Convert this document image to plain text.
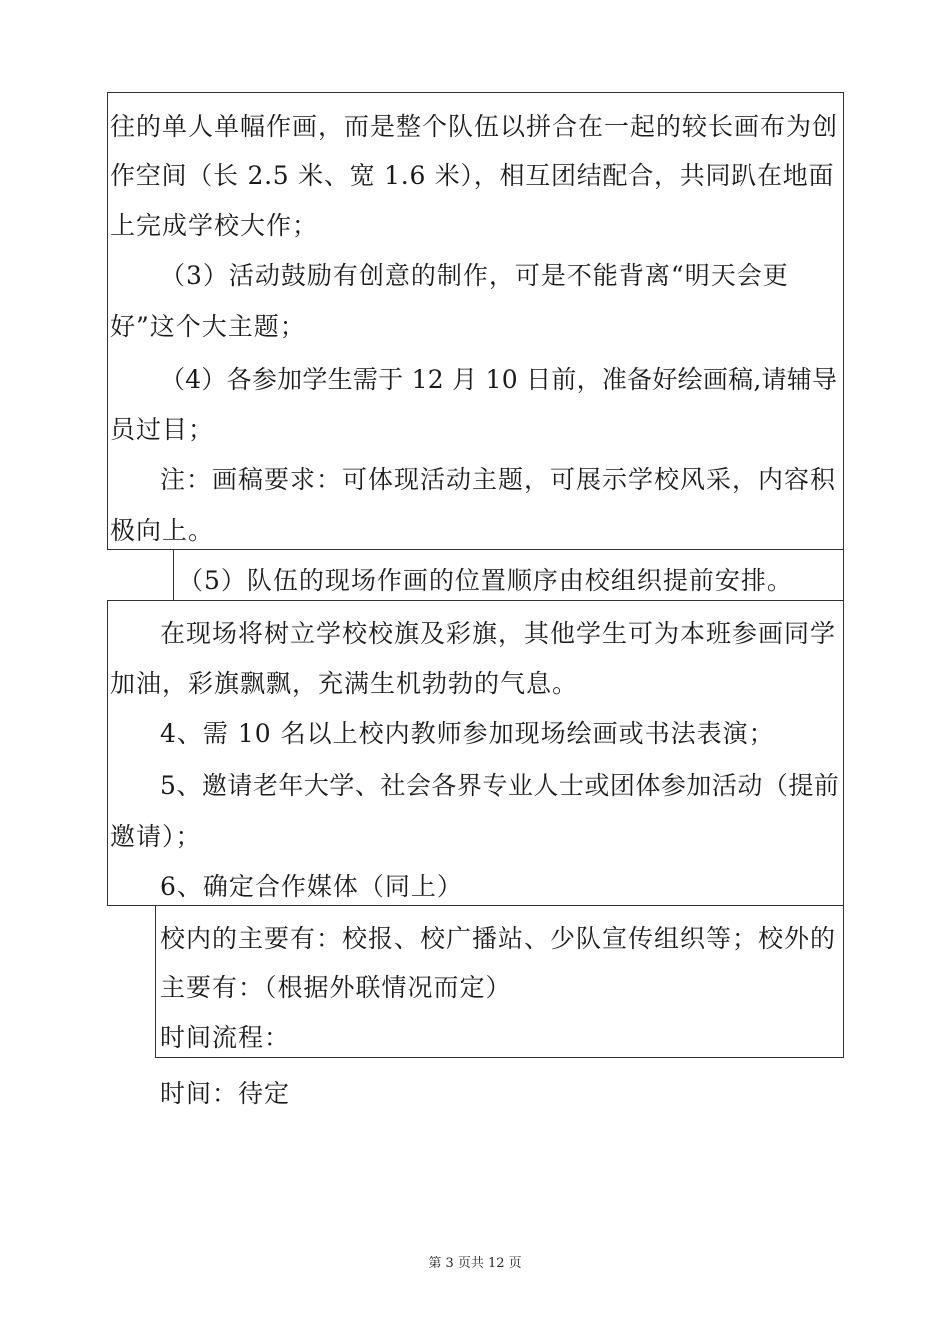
往的单人单幅作画，而是整个队伍以拼合在一起的较长画布为创
作空间（长 2.5 米、宽 1.6 米），相互团结配合，共同趴在地面
上完成学校大作；
（3）活动鼓励有创意的制作，可是不能背离“明天会更
好”这个大主题；
（4）各参加学生需于 12 月 10 日前，准备好绘画稿,请辅导
员过目；
注：画稿要求：可体现活动主题，可展示学校风采，内容积
极向上。
（5）队伍的现场作画的位置顺序由校组织提前安排。
在现场将树立学校校旗及彩旗，其他学生可为本班参画同学
加油，彩旗飘飘，充满生机勃勃的气息。
4、需 10 名以上校内教师参加现场绘画或书法表演；
5、邀请老年大学、社会各界专业人士或团体参加活动（提前
邀请）；
6、确定合作媒体（同上）
校内的主要有：校报、校广播站、少队宣传组织等；校外的
主要有：（根据外联情况而定）
时间流程：
时间：待定
第 3 页共 12 页
